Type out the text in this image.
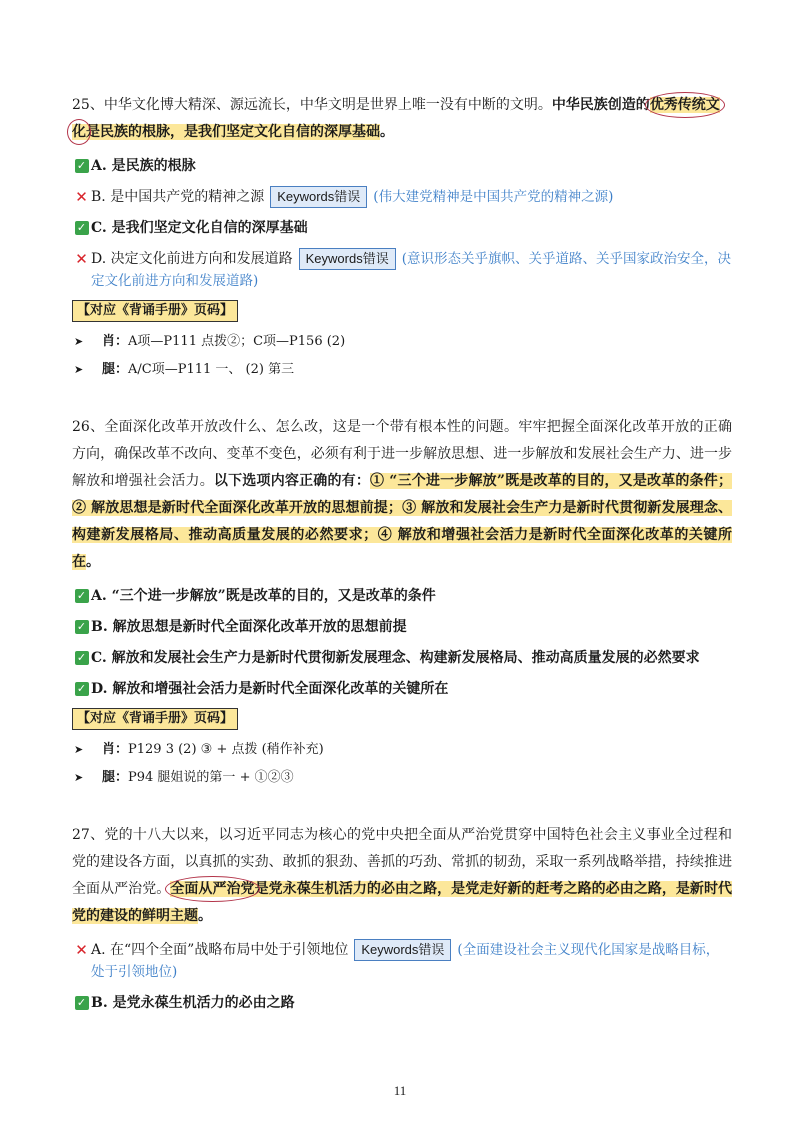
25、中华文化博大精深、源远流长，中华文明是世界上唯一没有中断的文明。中华民族创造的优秀传统文
化是民族的根脉，是我们坚定文化自信的深厚基础。

✓ A. 是民族的根脉
✕ B. 是中国共产党的精神之源 Keywords错误 (伟大建党精神是中国共产党的精神之源)
✓ C. 是我们坚定文化自信的深厚基础
✕ D. 决定文化前进方向和发展道路 Keywords错误 (意识形态关乎旗帜、关乎道路、关乎国家政治安全，决定文化前进方向和发展道路)
【对应《背诵手册》页码】
➤	肖：A项—P111 点拨②；C项—P156 (2)
➤	腿：A/C项—P111 一、 (2) 第三

26、全面深化改革开放改什么、怎么改，这是一个带有根本性的问题。牢牢把握全面深化改革开放的正确方向，确保改革不改向、变革不变色，必须有利于进一步解放思想、进一步解放和发展社会生产力、进一步解放和增强社会活力。以下选项内容正确的有：① “三个进一步解放”既是改革的目的，又是改革的条件；② 解放思想是新时代全面深化改革开放的思想前提；③ 解放和发展社会生产力是新时代贯彻新发展理念、构建新发展格局、推动高质量发展的必然要求；④ 解放和增强社会活力是新时代全面深化改革的关键所在。

✓ A. “三个进一步解放”既是改革的目的，又是改革的条件
✓ B. 解放思想是新时代全面深化改革开放的思想前提
✓ C. 解放和发展社会生产力是新时代贯彻新发展理念、构建新发展格局、推动高质量发展的必然要求
✓ D. 解放和增强社会活力是新时代全面深化改革的关键所在
【对应《背诵手册》页码】
➤	肖：P129 3 (2) ③ + 点拨 (稍作补充)
➤	腿：P94 腿姐说的第一 + ①②③

27、党的十八大以来，以习近平同志为核心的党中央把全面从严治党贯穿中国特色社会主义事业全过程和党的建设各方面，以真抓的实劲、敢抓的狠劲、善抓的巧劲、常抓的韧劲，采取一系列战略举措，持续推进全面从严治党。全面从严治党是党永葆生机活力的必由之路，是党走好新的赶考之路的必由之路，是新时代党的建设的鲜明主题。

✕ A. 在“四个全面”战略布局中处于引领地位 Keywords错误 (全面建设社会主义现代化国家是战略目标，处于引领地位)
✓ B. 是党永葆生机活力的必由之路
11
